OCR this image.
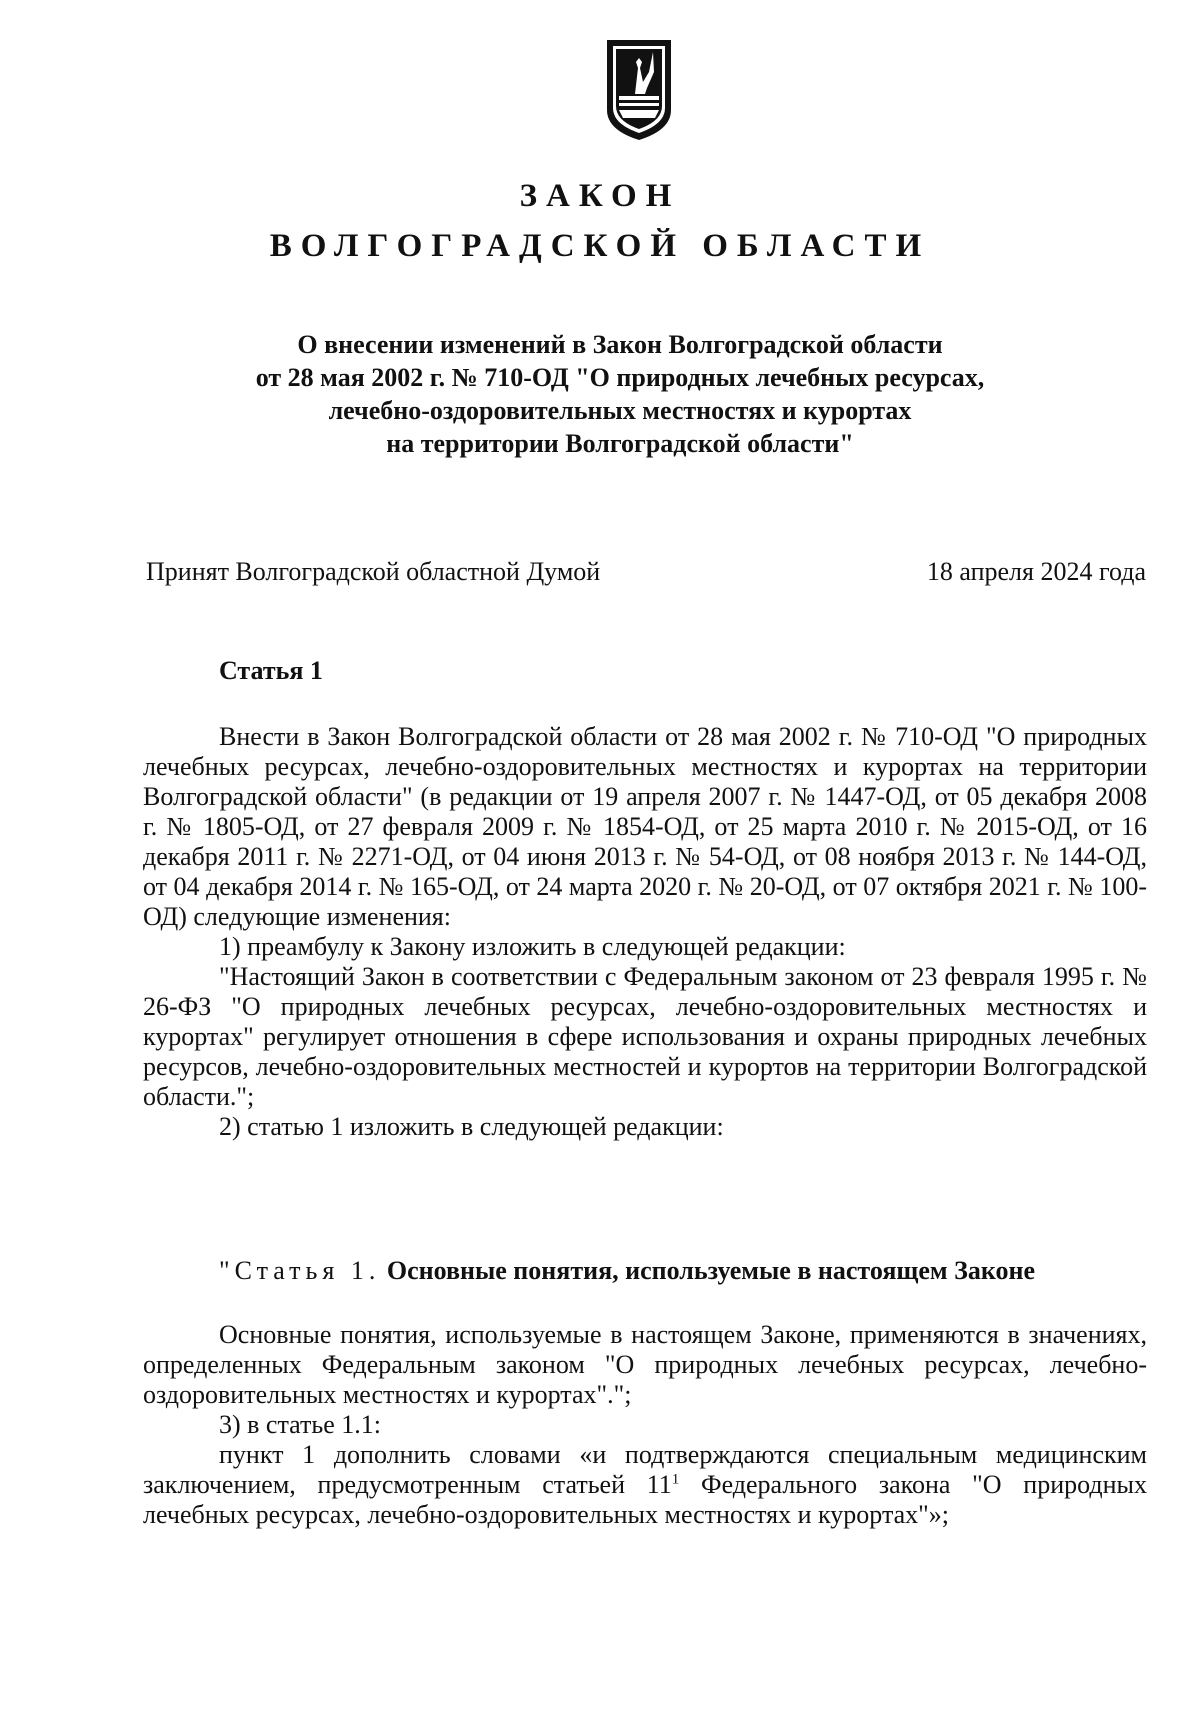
ЗАКОН
ВОЛГОГРАДСКОЙ ОБЛАСТИ
О внесении изменений в Закон Волгоградской области
от 28 мая 2002 г. № 710-ОД "О природных лечебных ресурсах,
лечебно-оздоровительных местностях и курортах
на территории Волгоградской области"
Принят Волгоградской областной Думой	18 апреля 2024 года
Статья 1

Внести в Закон Волгоградской области от 28 мая 2002 г. № 710-ОД "О природных лечебных ресурсах, лечебно-оздоровительных местностях и курортах на территории Волгоградской области" (в редакции от 19 апреля 2007 г. № 1447-ОД, от 05 декабря 2008 г. № 1805-ОД, от 27 февраля 2009 г. № 1854-ОД, от 25 марта 2010 г. № 2015-ОД, от 16 декабря 2011 г. № 2271-ОД, от 04 июня 2013 г. № 54-ОД, от 08 ноября 2013 г. № 144-ОД, от 04 декабря 2014 г. № 165-ОД, от 24 марта 2020 г. № 20-ОД, от 07 октября 2021 г. № 100-ОД) следующие изменения:

1) преамбулу к Закону изложить в следующей редакции:

"Настоящий Закон в соответствии с Федеральным законом от 23 февраля 1995 г. № 26-ФЗ "О природных лечебных ресурсах, лечебно-оздоровительных местностях и курортах" регулирует отношения в сфере использования и охраны природных лечебных ресурсов, лечебно-оздоровительных местностей и курортов на территории Волгоградской области.";

2) статью 1 изложить в следующей редакции:

"Статья 1. Основные понятия, используемые в настоящем Законе

Основные понятия, используемые в настоящем Законе, применяются в значениях, определенных Федеральным законом "О природных лечебных ресурсах, лечебно-оздоровительных местностях и курортах".";

3) в статье 1.1:

пункт 1 дополнить словами «и подтверждаются специальным медицинским заключением, предусмотренным статьей $11^1$ Федерального закона "О природных лечебных ресурсах, лечебно-оздоровительных местностях и курортах"»;
